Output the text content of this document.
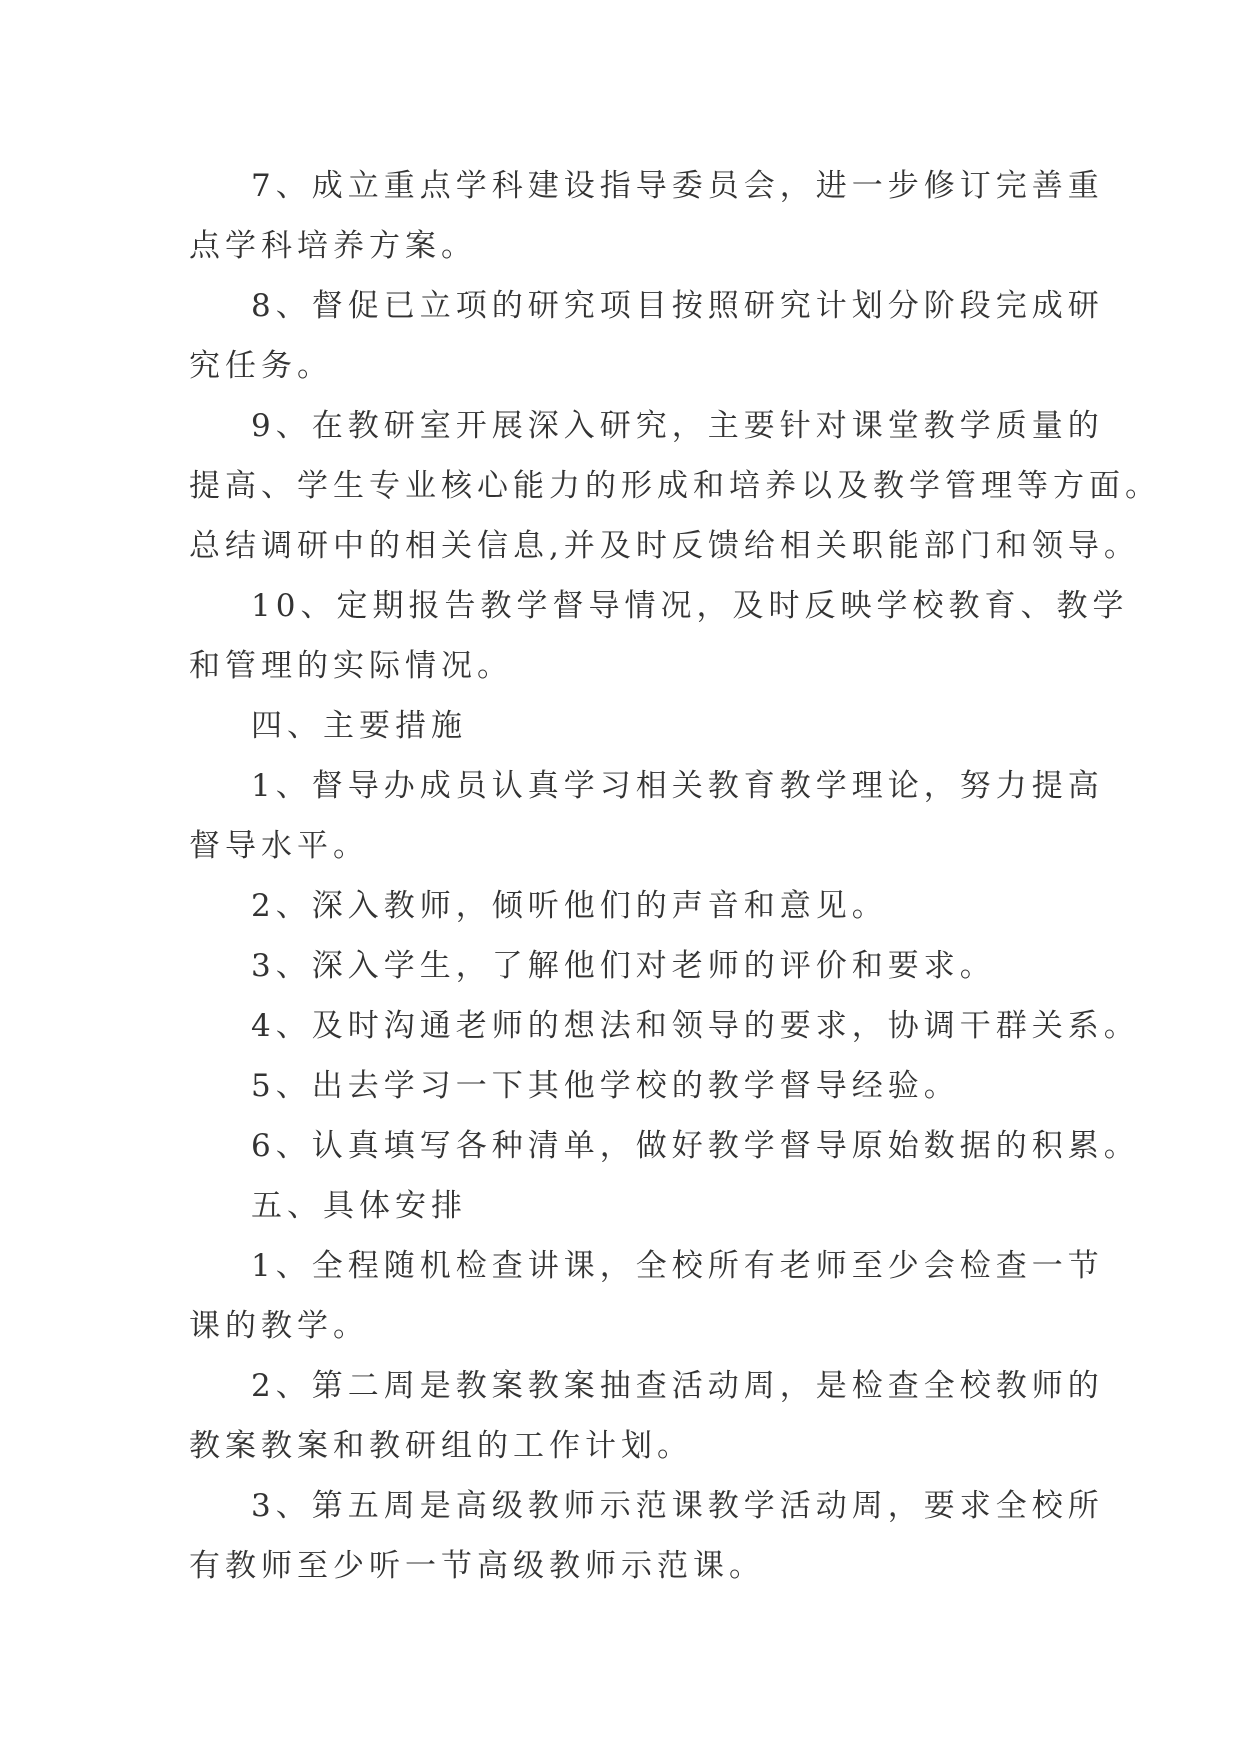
7、成立重点学科建设指导委员会，进一步修订完善重
点学科培养方案。
8、督促已立项的研究项目按照研究计划分阶段完成研
究任务。
9、在教研室开展深入研究，主要针对课堂教学质量的
提高、学生专业核心能力的形成和培养以及教学管理等方面。
总结调研中的相关信息,并及时反馈给相关职能部门和领导。
10、定期报告教学督导情况，及时反映学校教育、教学
和管理的实际情况。
四、主要措施
1、督导办成员认真学习相关教育教学理论，努力提高
督导水平。
2、深入教师，倾听他们的声音和意见。
3、深入学生，了解他们对老师的评价和要求。
4、及时沟通老师的想法和领导的要求，协调干群关系。
5、出去学习一下其他学校的教学督导经验。
6、认真填写各种清单，做好教学督导原始数据的积累。
五、具体安排
1、全程随机检查讲课，全校所有老师至少会检查一节
课的教学。
2、第二周是教案教案抽查活动周，是检查全校教师的
教案教案和教研组的工作计划。
3、第五周是高级教师示范课教学活动周，要求全校所
有教师至少听一节高级教师示范课。
